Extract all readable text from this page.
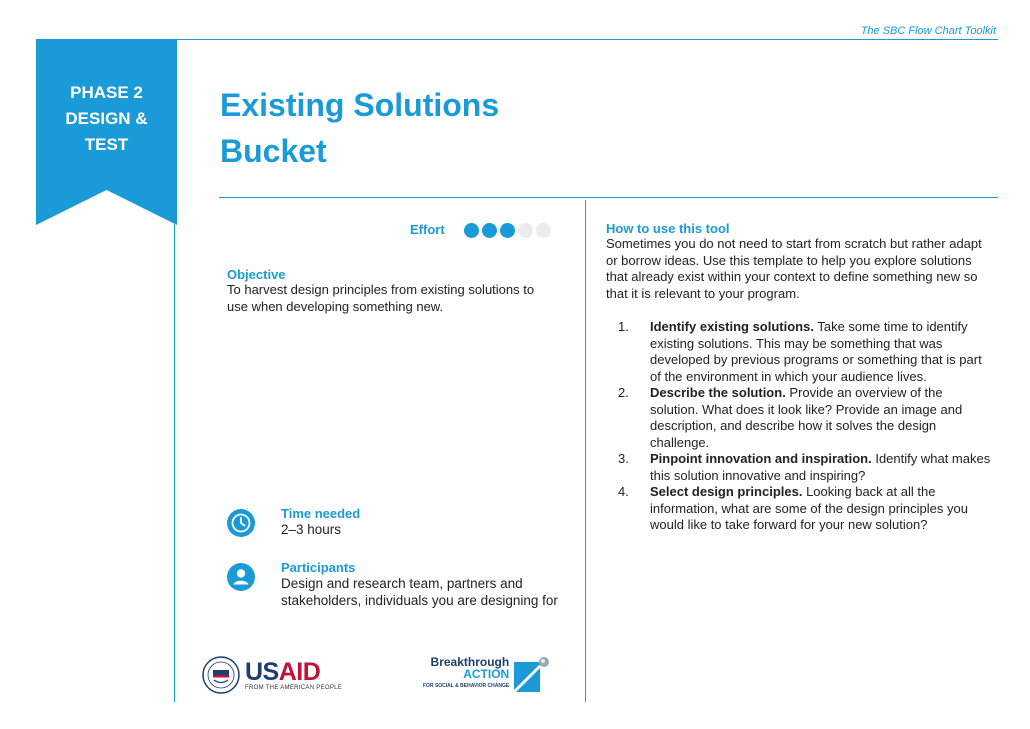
The SBC Flow Chart Toolkit
PHASE 2
DESIGN &
TEST
Existing Solutions
Bucket
Effort
Objective
To harvest design principles from existing solutions to use when developing something new.
Time needed
2–3 hours
Participants
Design and research team, partners and stakeholders, individuals you are designing for
USAID
FROM THE AMERICAN PEOPLE
Breakthrough
ACTION
FOR SOCIAL & BEHAVIOR CHANGE
How to use this tool
Sometimes you do not need to start from scratch but rather adapt or borrow ideas. Use this template to help you explore solutions that already exist within your context to define something new so that it is relevant to your program.
1. Identify existing solutions. Take some time to identify existing solutions. This may be something that was developed by previous programs or something that is part of the environment in which your audience lives.
2. Describe the solution. Provide an overview of the solution. What does it look like? Provide an image and description, and describe how it solves the design challenge.
3. Pinpoint innovation and inspiration. Identify what makes this solution innovative and inspiring?
4. Select design principles. Looking back at all the information, what are some of the design principles you would like to take forward for your new solution?
